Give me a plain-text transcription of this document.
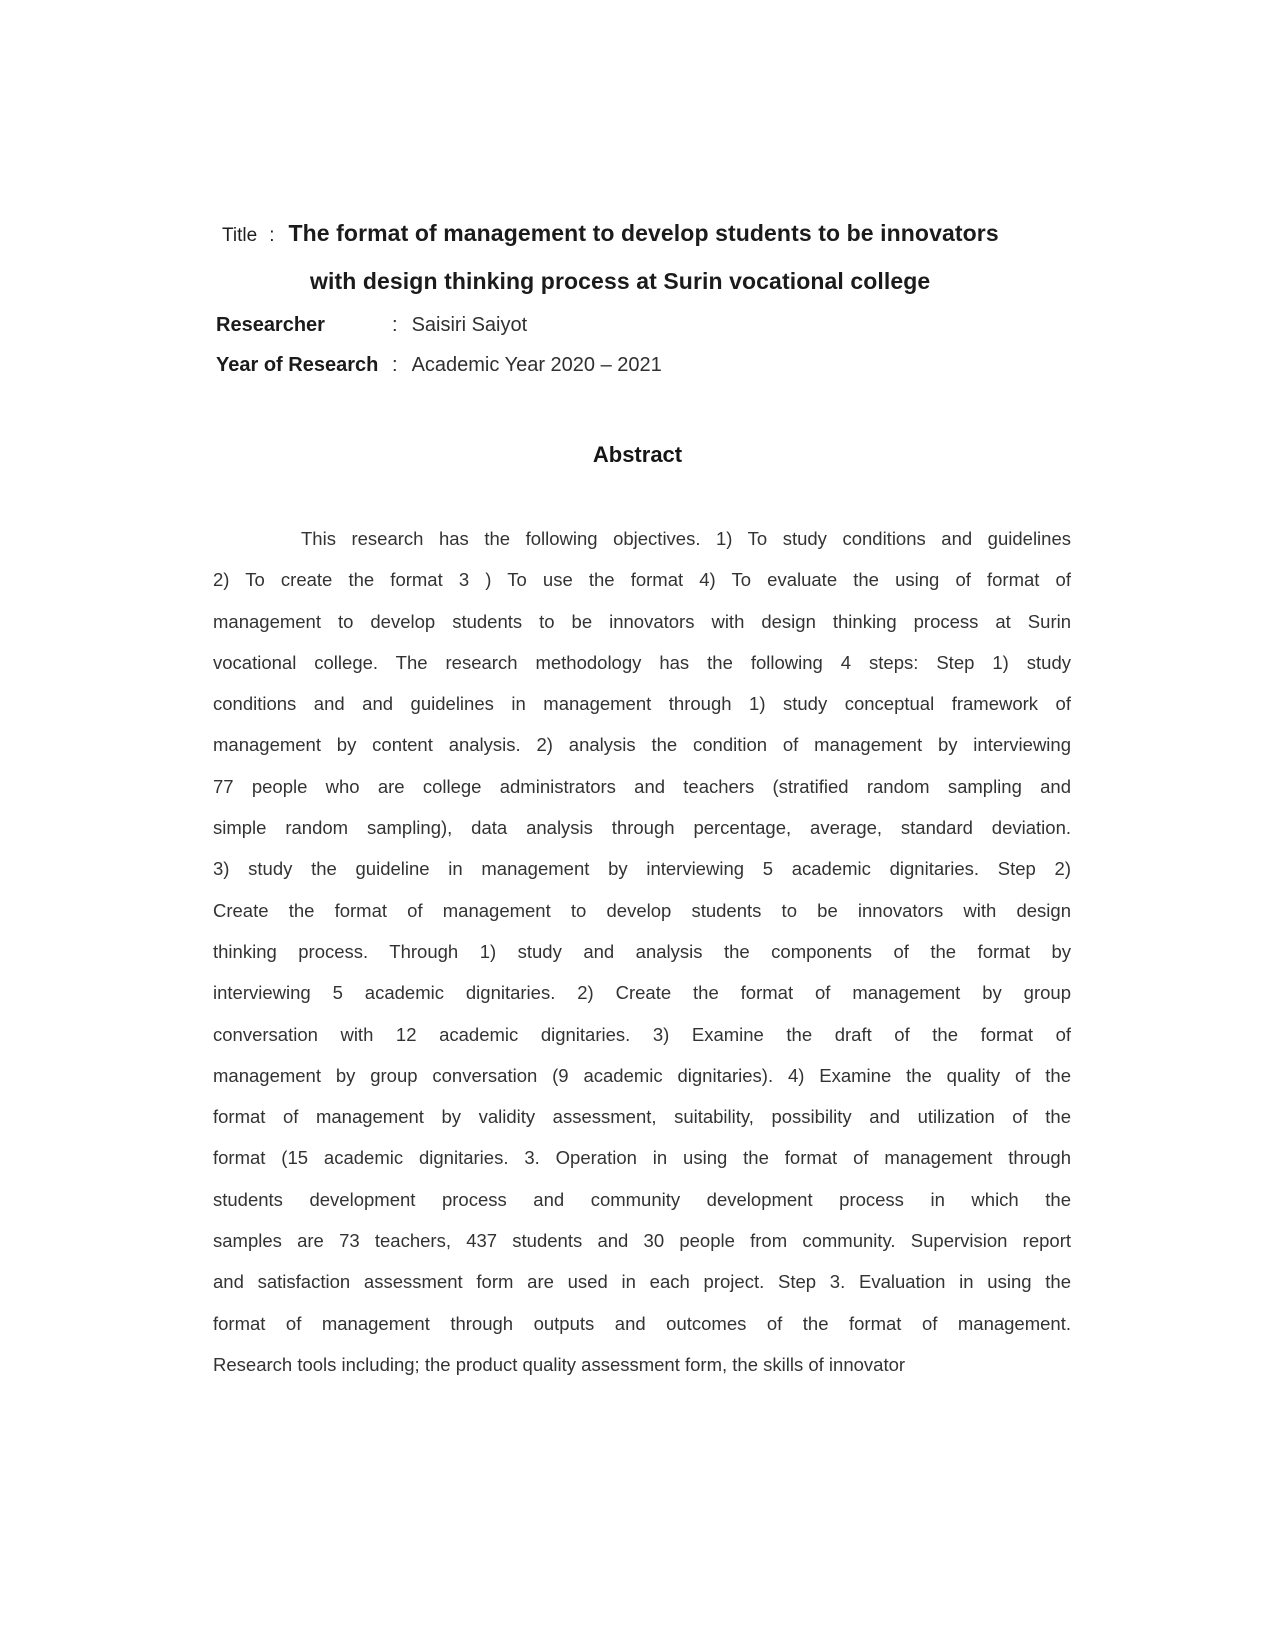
Title : The format of management to develop students to be innovators
with design thinking process at Surin vocational college
Researcher	: Saisiri Saiyot
Year of Research : Academic Year 2020 – 2021
Abstract
This research has the following objectives. 1) To study conditions and guidelines
2) To create the format 3 ) To use the format 4) To evaluate the using of format of
management to develop students to be innovators with design thinking process at Surin
vocational college. The research methodology has the following 4 steps: Step 1) study
conditions and and guidelines in management through 1) study conceptual framework of
management by content analysis. 2) analysis the condition of management by interviewing
77 people who are college administrators and teachers (stratified random sampling and
simple random sampling), data analysis through percentage, average, standard deviation.
3) study the guideline in management by interviewing 5 academic dignitaries. Step 2)
Create the format of management to develop students to be innovators with design
thinking process. Through 1) study and analysis the components of the format by
interviewing 5 academic dignitaries. 2) Create the format of management by group
conversation with 12 academic dignitaries. 3) Examine the draft of the format of
management by group conversation (9 academic dignitaries). 4) Examine the quality of the
format of management by validity assessment, suitability, possibility and utilization of the
format (15 academic dignitaries. 3. Operation in using the format of management through
students development process and community development process in which the
samples are 73 teachers, 437 students and 30 people from community. Supervision report
and satisfaction assessment form are used in each project. Step 3. Evaluation in using the
format of management through outputs and outcomes of the format of management.
Research tools including; the product quality assessment form, the skills of innovator
